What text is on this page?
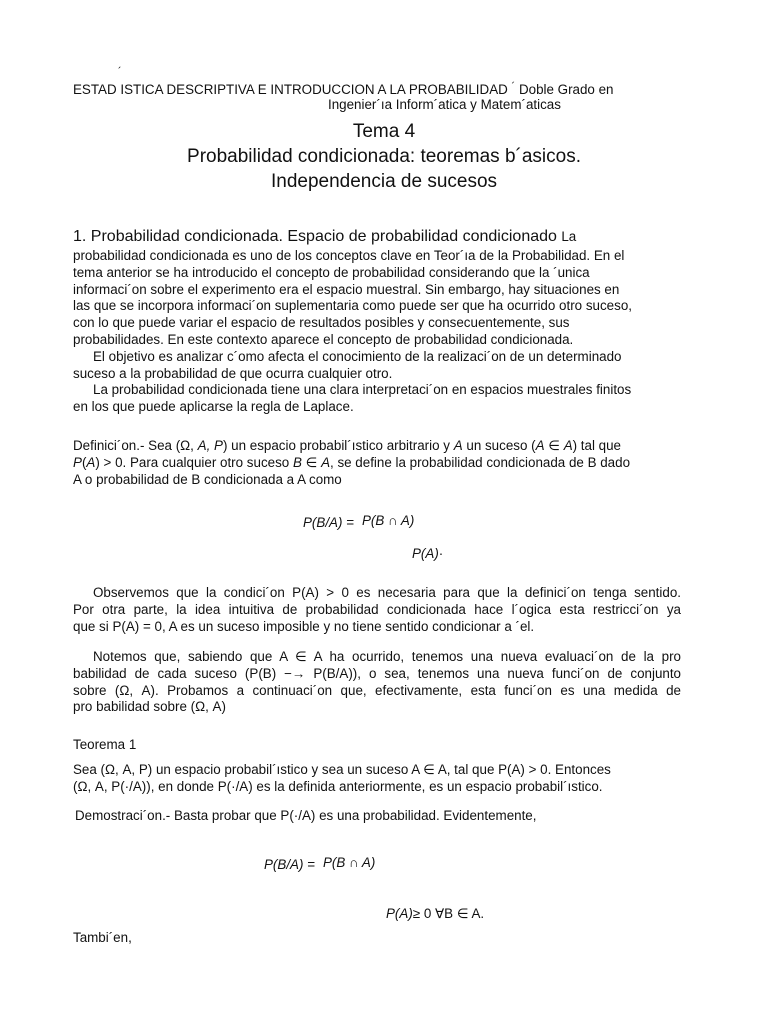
´
ESTAD ISTICA DESCRIPTIVA E INTRODUCCION A LA PROBABILIDAD ´ Doble Grado en
Ingenier´ıa Inform´atica y Matem´aticas
Tema 4
Probabilidad condicionada: teoremas b´asicos.
Independencia de sucesos
1. Probabilidad condicionada. Espacio de probabilidad condicionado La
probabilidad condicionada es uno de los conceptos clave en Teor´ıa de la Probabilidad. En el
tema anterior se ha introducido el concepto de probabilidad considerando que la ´unica
informaci´on sobre el experimento era el espacio muestral. Sin embargo, hay situaciones en
las que se incorpora informaci´on suplementaria como puede ser que ha ocurrido otro suceso,
con lo que puede variar el espacio de resultados posibles y consecuentemente, sus
probabilidades. En este contexto aparece el concepto de probabilidad condicionada.
El objetivo es analizar c´omo afecta el conocimiento de la realizaci´on de un determinado
suceso a la probabilidad de que ocurra cualquier otro.
La probabilidad condicionada tiene una clara interpretaci´on en espacios muestrales finitos
en los que puede aplicarse la regla de Laplace.
Definici´on.- Sea (Ω, A, P) un espacio probabil´ıstico arbitrario y A un suceso (A ∈ A) tal que
P(A) > 0. Para cualquier otro suceso B ∈ A, se define la probabilidad condicionada de B dado
A o probabilidad de B condicionada a A como
P(B/A) = P(B ∩ A)
P(A)·
Observemos que la condici´on P(A) > 0 es necesaria para que la definici´on tenga sentido.
Por otra parte, la idea intuitiva de probabilidad condicionada hace l´ogica esta restricci´on ya
que si P(A) = 0, A es un suceso imposible y no tiene sentido condicionar a ´el.
Notemos que, sabiendo que A ∈ A ha ocurrido, tenemos una nueva evaluaci´on de la pro
babilidad de cada suceso (P(B) −→ P(B/A)), o sea, tenemos una nueva funci´on de conjunto
sobre (Ω, A). Probamos a continuaci´on que, efectivamente, esta funci´on es una medida de
pro babilidad sobre (Ω, A)
Teorema 1
Sea (Ω, A, P) un espacio probabil´ıstico y sea un suceso A ∈ A, tal que P(A) > 0. Entonces
(Ω, A, P(·/A)), en donde P(·/A) es la definida anteriormente, es un espacio probabil´ıstico.
Demostraci´on.- Basta probar que P(·/A) es una probabilidad. Evidentemente,
P(B/A) = P(B ∩ A)
P(A)≥ 0 ∀B ∈ A.
Tambi´en,
